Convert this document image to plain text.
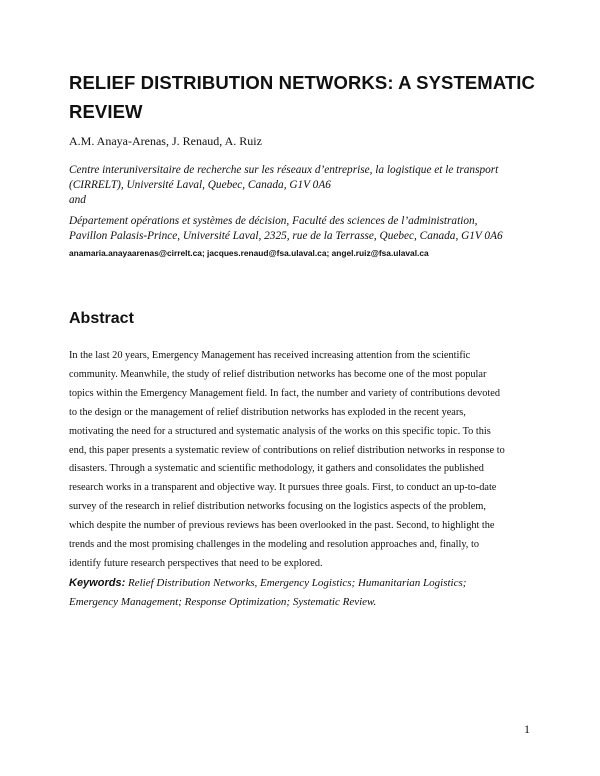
RELIEF DISTRIBUTION NETWORKS: A SYSTEMATIC
REVIEW

A.M. Anaya-Arenas, J. Renaud, A. Ruiz

Centre interuniversitaire de recherche sur les réseaux d’entreprise, la logistique et le transport
(CIRRELT), Université Laval, Quebec, Canada, G1V 0A6

and

Département opérations et systèmes de décision, Faculté des sciences de l’administration,
Pavillon Palasis-Prince, Université Laval, 2325, rue de la Terrasse, Quebec, Canada, G1V 0A6

anamaria.anayaarenas@cirrelt.ca; jacques.renaud@fsa.ulaval.ca; angel.ruiz@fsa.ulaval.ca

Abstract

In the last 20 years, Emergency Management has received increasing attention from the scientific
community. Meanwhile, the study of relief distribution networks has become one of the most popular
topics within the Emergency Management field. In fact, the number and variety of contributions devoted
to the design or the management of relief distribution networks has exploded in the recent years,
motivating the need for a structured and systematic analysis of the works on this specific topic. To this
end, this paper presents a systematic review of contributions on relief distribution networks in response to
disasters. Through a systematic and scientific methodology, it gathers and consolidates the published
research works in a transparent and objective way. It pursues three goals. First, to conduct an up-to-date
survey of the research in relief distribution networks focusing on the logistics aspects of the problem,
which despite the number of previous reviews has been overlooked in the past. Second, to highlight the
trends and the most promising challenges in the modeling and resolution approaches and, finally, to
identify future research perspectives that need to be explored.

Keywords: Relief Distribution Networks, Emergency Logistics; Humanitarian Logistics;
Emergency Management; Response Optimization; Systematic Review.

1
